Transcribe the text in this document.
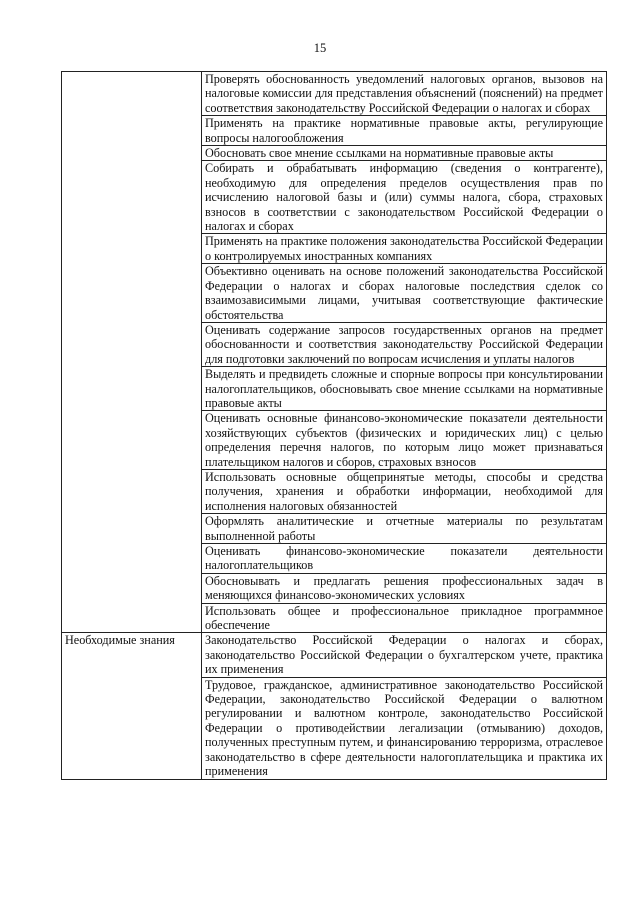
15
	Проверять обоснованность уведомлений налоговых органов, вызовов на налоговые комиссии для представления объяснений (пояснений) на предмет соответствия законодательству Российской Федерации о налогах и сборах
	Применять на практике нормативные правовые акты, регулирующие вопросы налогообложения
	Обосновать свое мнение ссылками на нормативные правовые акты
	Собирать и обрабатывать информацию (сведения о контрагенте), необходимую для определения пределов осуществления прав по исчислению налоговой базы и (или) суммы налога, сбора, страховых взносов в соответствии с законодательством Российской Федерации о налогах и сборах
	Применять на практике положения законодательства Российской Федерации о контролируемых иностранных компаниях
	Объективно оценивать на основе положений законодательства Российской Федерации о налогах и сборах налоговые последствия сделок со взаимозависимыми лицами, учитывая соответствующие фактические обстоятельства
	Оценивать содержание запросов государственных органов на предмет обоснованности и соответствия законодательству Российской Федерации для подготовки заключений по вопросам исчисления и уплаты налогов
	Выделять и предвидеть сложные и спорные вопросы при консультировании налогоплательщиков, обосновывать свое мнение ссылками на нормативные правовые акты
	Оценивать основные финансово-экономические показатели деятельности хозяйствующих субъектов (физических и юридических лиц) с целью определения перечня налогов, по которым лицо может признаваться плательщиком налогов и сборов, страховых взносов
	Использовать основные общепринятые методы, способы и средства получения, хранения и обработки информации, необходимой для исполнения налоговых обязанностей
	Оформлять аналитические и отчетные материалы по результатам выполненной работы
	Оценивать финансово-экономические показатели деятельности налогоплательщиков
	Обосновывать и предлагать решения профессиональных задач в меняющихся финансово-экономических условиях
	Использовать общее и профессиональное прикладное программное обеспечение
Необходимые знания	Законодательство Российской Федерации о налогах и сборах, законодательство Российской Федерации о бухгалтерском учете, практика их применения
	Трудовое, гражданское, административное законодательство Российской Федерации, законодательство Российской Федерации о валютном регулировании и валютном контроле, законодательство Российской Федерации о противодействии легализации (отмыванию) доходов, полученных преступным путем, и финансированию терроризма, отраслевое законодательство в сфере деятельности налогоплательщика и практика их применения
